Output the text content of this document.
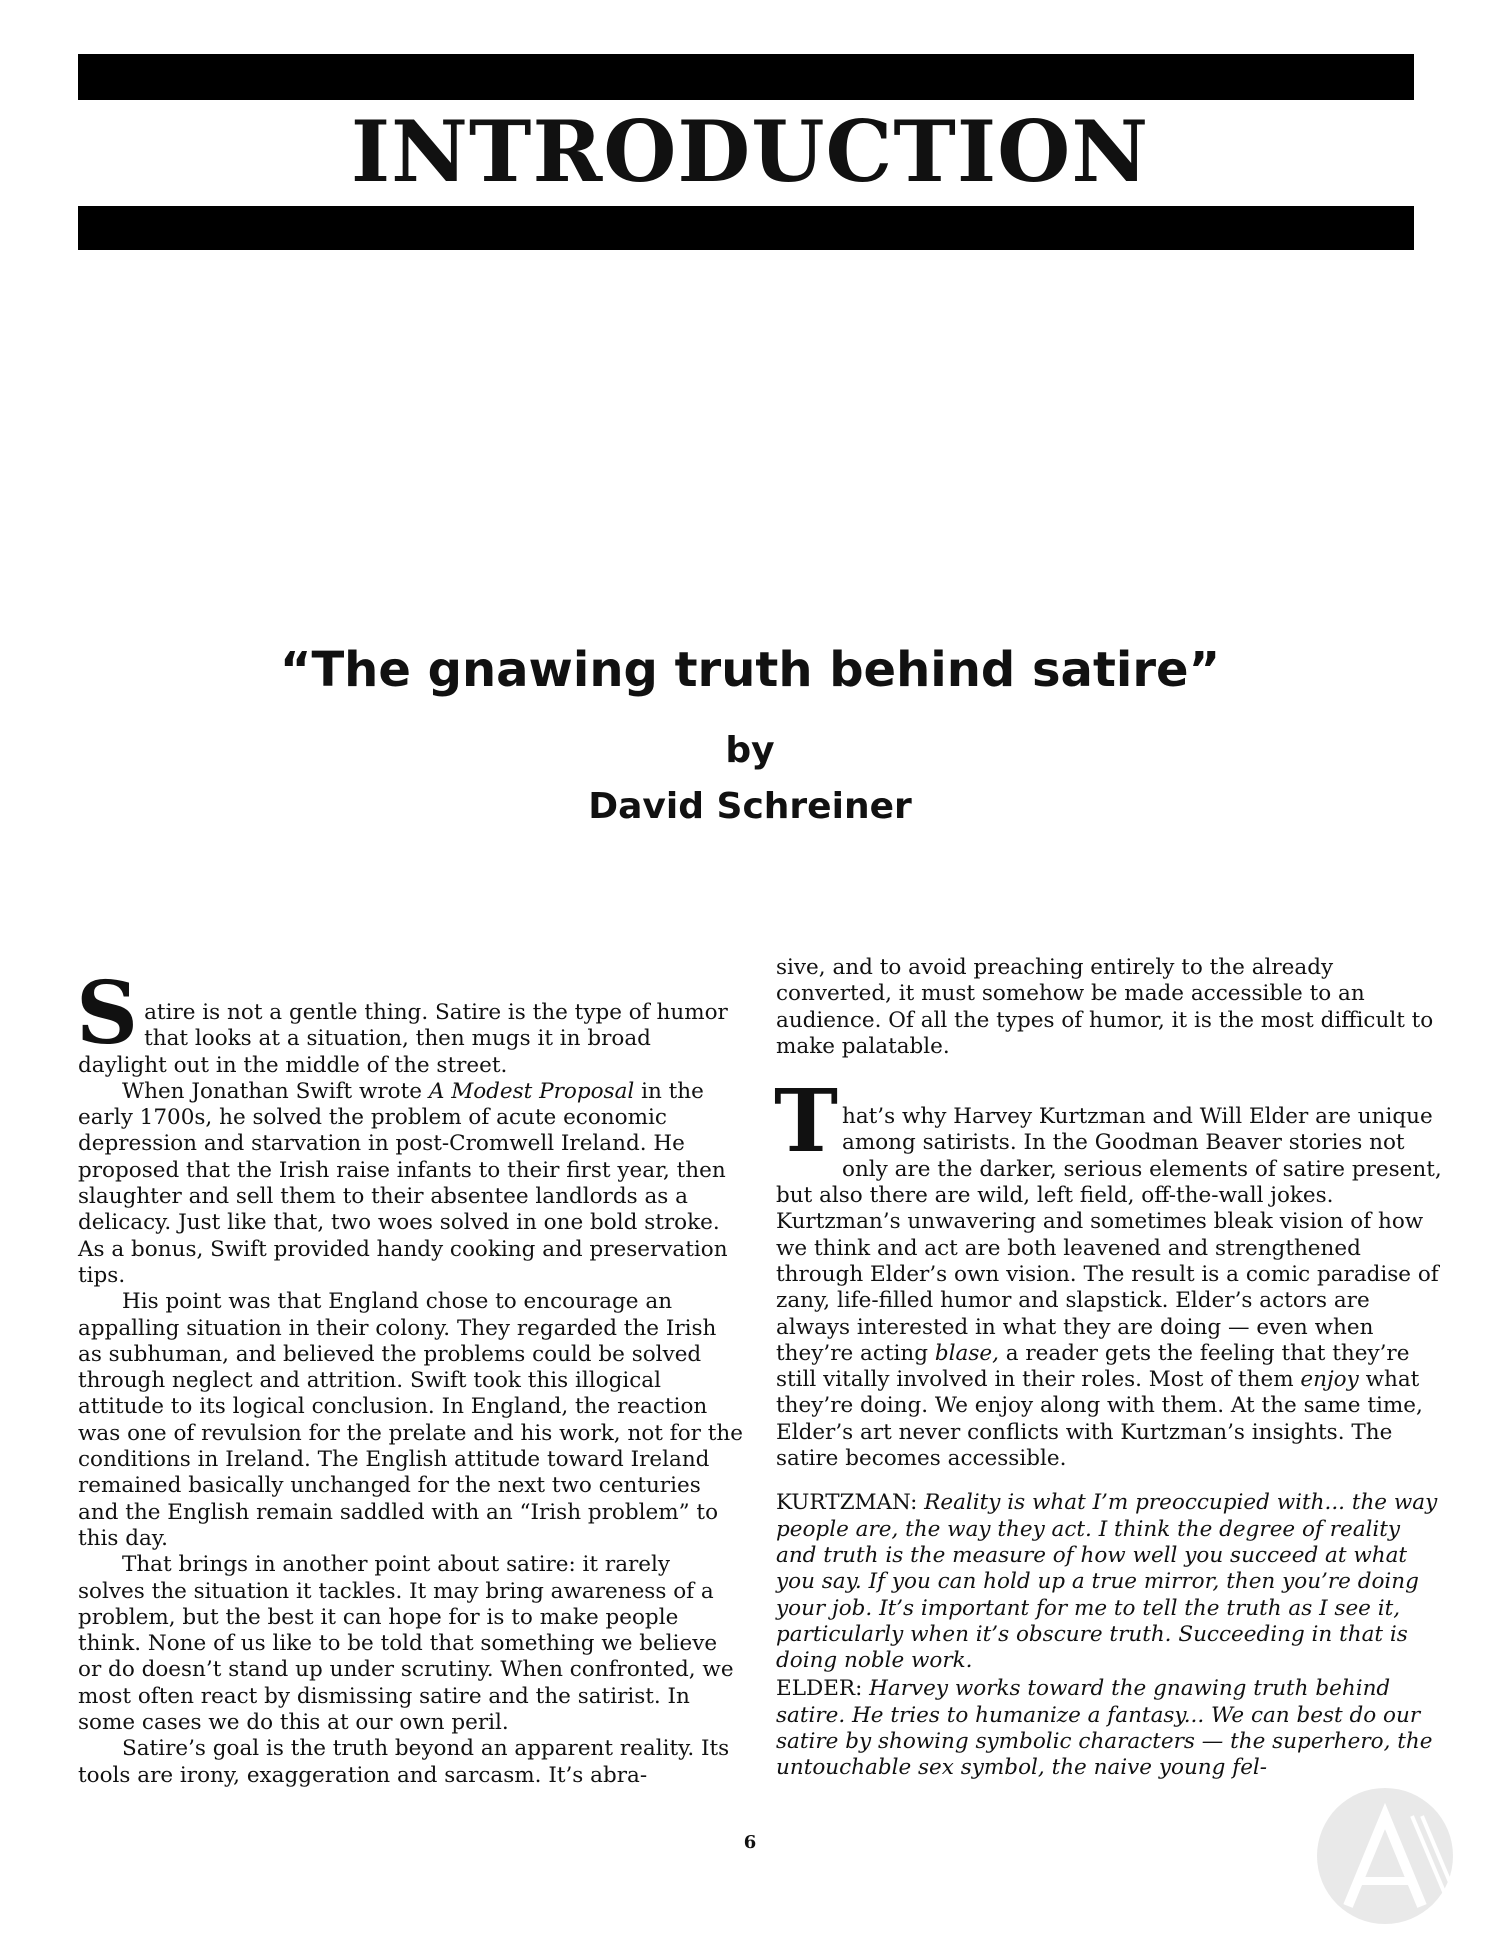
INTRODUCTION
“The gnawing truth behind satire”
by
David Schreiner

Satire is not a gentle thing. Satire is the type of humor that looks at a situation, then mugs it in broad daylight out in the middle of the street.

When Jonathan Swift wrote A Modest Proposal in the early 1700s, he solved the problem of acute economic depression and starvation in post-Cromwell Ireland. He proposed that the Irish raise infants to their first year, then slaughter and sell them to their absentee landlords as a delicacy. Just like that, two woes solved in one bold stroke. As a bonus, Swift provided handy cooking and preservation tips.

His point was that England chose to encourage an appalling situation in their colony. They regarded the Irish as subhuman, and believed the problems could be solved through neglect and attrition. Swift took this illogical attitude to its logical conclusion. In England, the reaction was one of revulsion for the prelate and his work, not for the conditions in Ireland. The English attitude toward Ireland remained basically unchanged for the next two centuries and the English remain saddled with an “Irish problem” to this day.

That brings in another point about satire: it rarely solves the situation it tackles. It may bring awareness of a problem, but the best it can hope for is to make people think. None of us like to be told that something we believe or do doesn’t stand up under scrutiny. When confronted, we most often react by dismissing satire and the satirist. In some cases we do this at our own peril.

Satire’s goal is the truth beyond an apparent reality. Its tools are irony, exaggeration and sarcasm. It’s abra-

sive, and to avoid preaching entirely to the already converted, it must somehow be made accessible to an audience. Of all the types of humor, it is the most difficult to make palatable.

That’s why Harvey Kurtzman and Will Elder are unique among satirists. In the Goodman Beaver stories not only are the darker, serious elements of satire present, but also there are wild, left field, off-the-wall jokes. Kurtzman’s unwavering and sometimes bleak vision of how we think and act are both leavened and strengthened through Elder’s own vision. The result is a comic paradise of zany, life-filled humor and slapstick. Elder’s actors are always interested in what they are doing — even when they’re acting blase, a reader gets the feeling that they’re still vitally involved in their roles. Most of them enjoy what they’re doing. We enjoy along with them. At the same time, Elder’s art never conflicts with Kurtzman’s insights. The satire becomes accessible.

KURTZMAN: Reality is what I’m preoccupied with... the way people are, the way they act. I think the degree of reality and truth is the measure of how well you succeed at what you say. If you can hold up a true mirror, then you’re doing your job. It’s important for me to tell the truth as I see it, particularly when it’s obscure truth. Succeeding in that is doing noble work.

ELDER: Harvey works toward the gnawing truth behind satire. He tries to humanize a fantasy... We can best do our satire by showing symbolic characters — the superhero, the untouchable sex symbol, the naive young fel-

6
